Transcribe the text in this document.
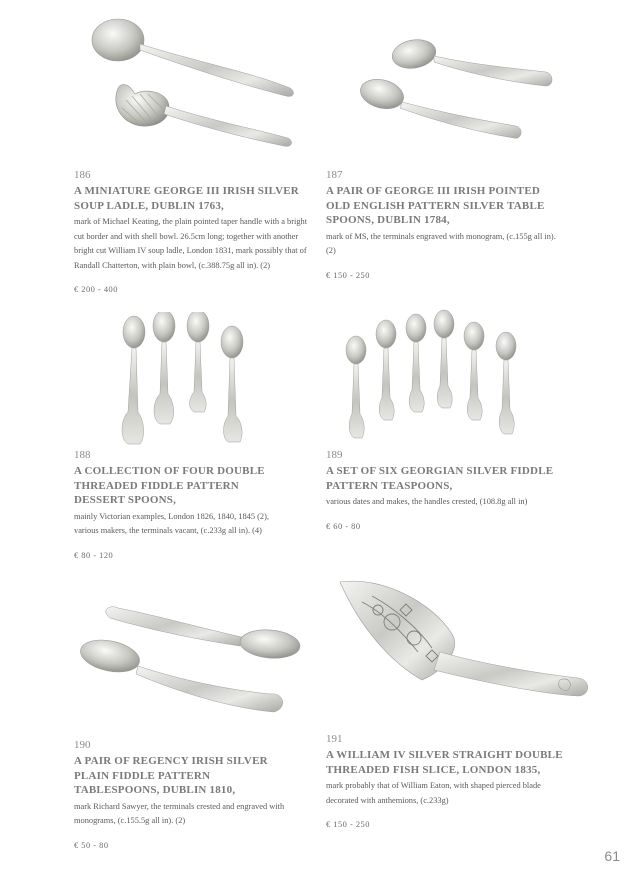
186
A MINIATURE GEORGE III IRISH SILVER SOUP LADLE, DUBLIN 1763,
mark of Michael Keating, the plain pointed taper handle with a bright cut border and with shell bowl. 26.5cm long; together with another bright cut William IV soup ladle, London 1831, mark possibly that of Randall Chatterton, with plain bowl, (c.388.75g all in). (2)
€ 200 - 400
187
A PAIR OF GEORGE III IRISH POINTED OLD ENGLISH PATTERN SILVER TABLE SPOONS, DUBLIN 1784,
mark of MS, the terminals engraved with monogram, (c.155g all in). (2)
€ 150 - 250
188
A COLLECTION OF FOUR DOUBLE THREADED FIDDLE PATTERN DESSERT SPOONS,
mainly Victorian examples, London 1826, 1840, 1845 (2), various makers, the terminals vacant, (c.233g all in). (4)
€ 80 - 120
189
A SET OF SIX GEORGIAN SILVER FIDDLE PATTERN TEASPOONS,
various dates and makes, the handles crested, (108.8g all in)
€ 60 - 80
190
A PAIR OF REGENCY IRISH SILVER PLAIN FIDDLE PATTERN TABLESPOONS, DUBLIN 1810,
mark Richard Sawyer, the terminals crested and engraved with monograms, (c.155.5g all in). (2)
€ 50 - 80
191
A WILLIAM IV SILVER STRAIGHT DOUBLE THREADED FISH SLICE, LONDON 1835,
mark probably that of William Eaton, with shaped pierced blade decorated with anthemions, (c.233g)
€ 150 - 250
61
